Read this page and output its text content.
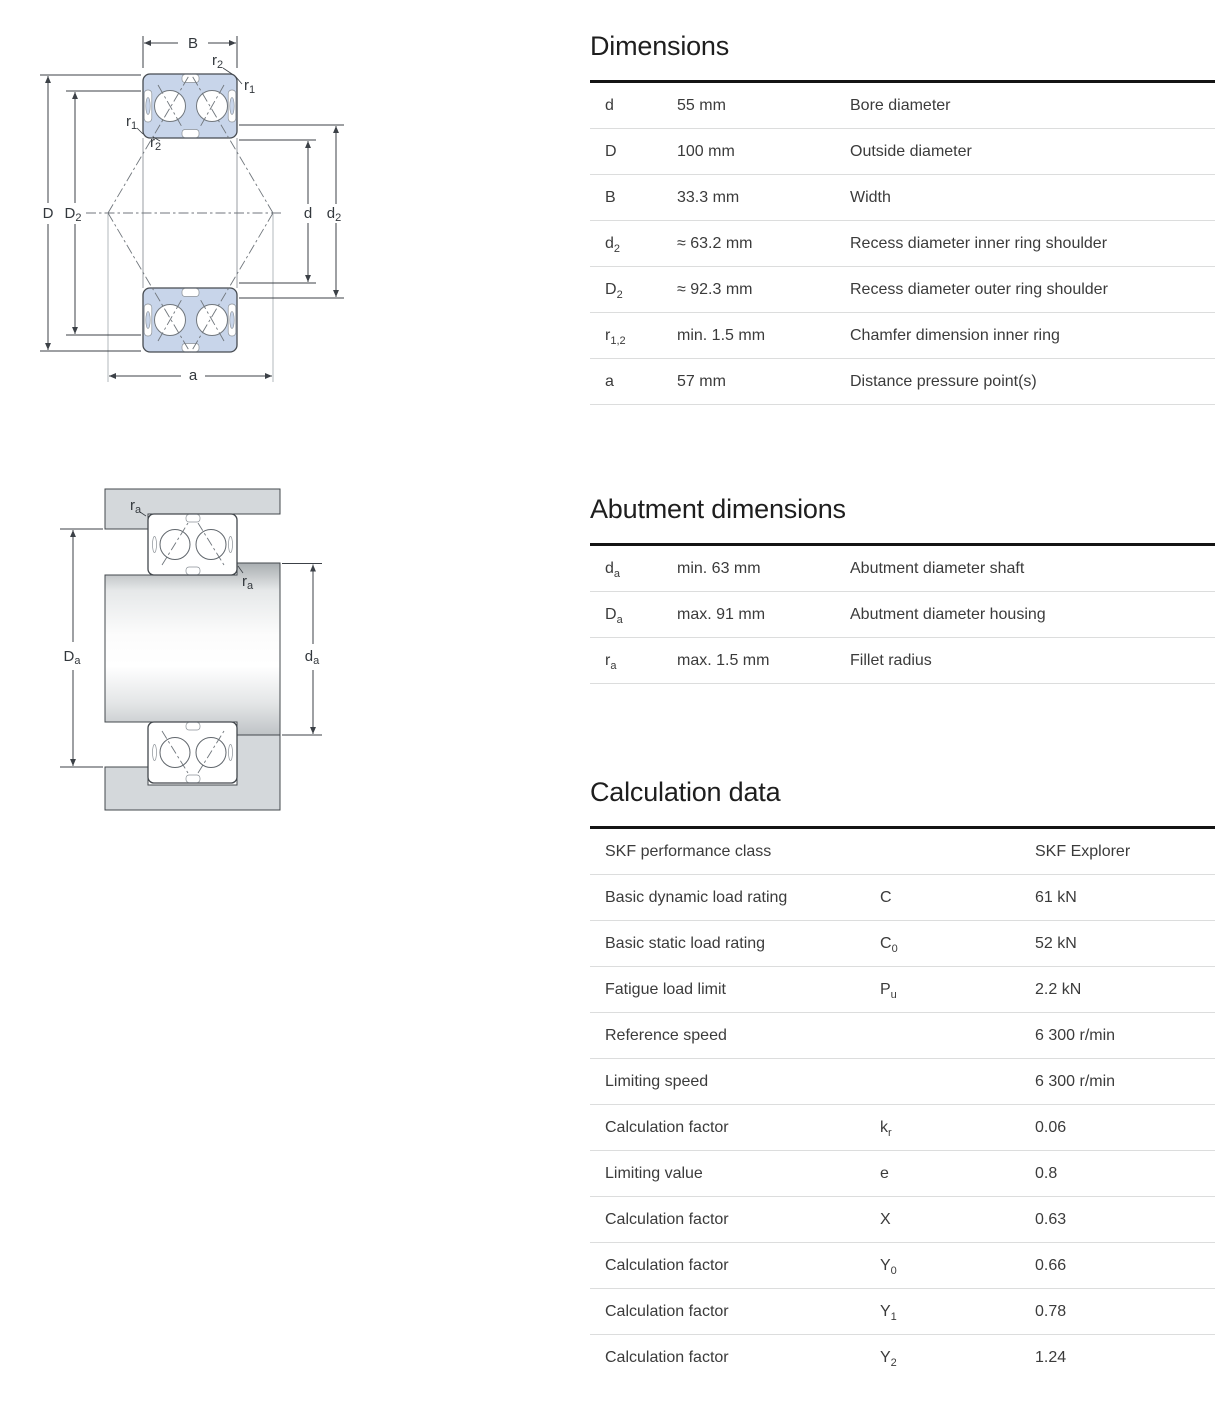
B
$r_2$
$r_1$
$r_1$
$r_2$
D $D_2$	d $d_2$
a
$r_a$
$r_a$
$D_a$	$d_a$
Dimensions
d	55 mm	Bore diameter
D	100 mm	Outside diameter
B	33.3 mm	Width
$d_2$	≈ 63.2 mm	Recess diameter inner ring shoulder
$D_2$	≈ 92.3 mm	Recess diameter outer ring shoulder
$r_{1,2}$	min. 1.5 mm	Chamfer dimension inner ring
a	57 mm	Distance pressure point(s)
Abutment dimensions
$d_a$	min. 63 mm	Abutment diameter shaft
$D_a$	max. 91 mm	Abutment diameter housing
$r_a$	max. 1.5 mm	Fillet radius
Calculation data
SKF performance class		SKF Explorer
Basic dynamic load rating	C	61 kN
Basic static load rating	$C_0$	52 kN
Fatigue load limit	$P_u$	2.2 kN
Reference speed		6 300 r/min
Limiting speed		6 300 r/min
Calculation factor	$k_r$	0.06
Limiting value	e	0.8
Calculation factor	X	0.63
Calculation factor	$Y_0$	0.66
Calculation factor	$Y_1$	0.78
Calculation factor	$Y_2$	1.24
